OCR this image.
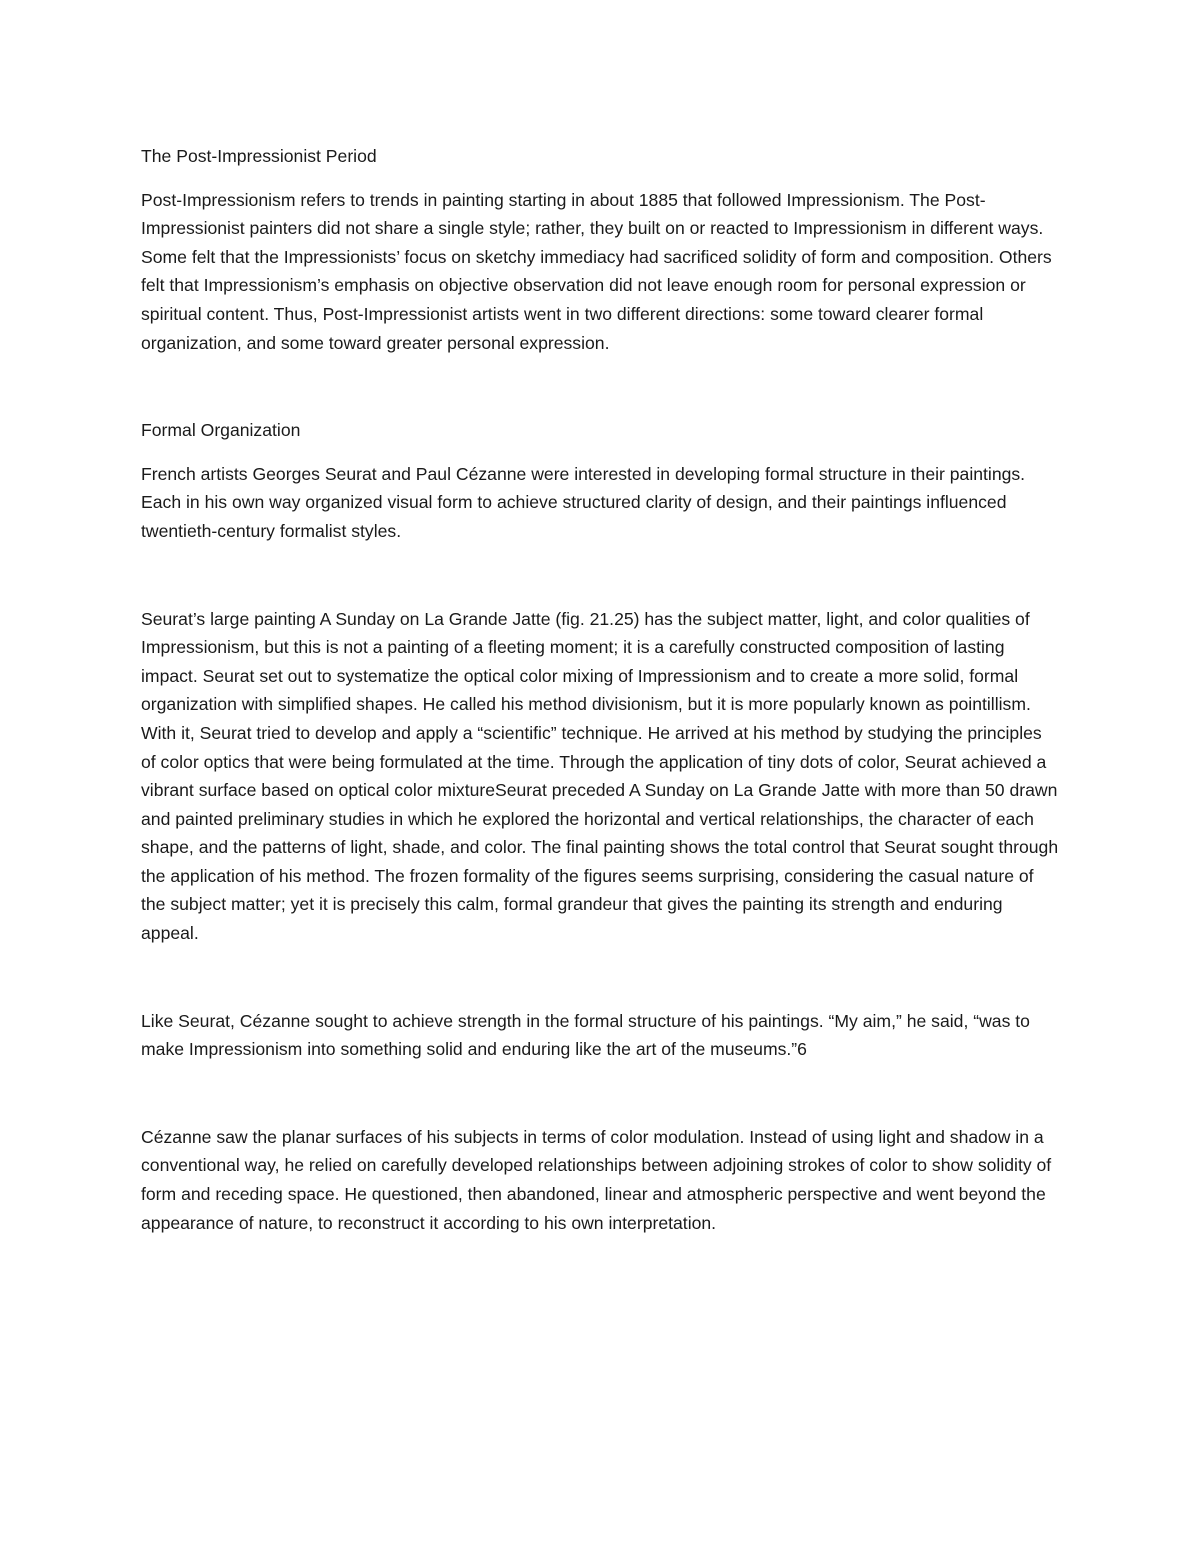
The Post-Impressionist Period

Post-Impressionism refers to trends in painting starting in about 1885 that followed Impressionism. The Post-Impressionist painters did not share a single style; rather, they built on or reacted to Impressionism in different ways. Some felt that the Impressionists’ focus on sketchy immediacy had sacrificed solidity of form and composition. Others felt that Impressionism’s emphasis on objective observation did not leave enough room for personal expression or spiritual content. Thus, Post-Impressionist artists went in two different directions: some toward clearer formal organization, and some toward greater personal expression.

Formal Organization

French artists Georges Seurat and Paul Cézanne were interested in developing formal structure in their paintings. Each in his own way organized visual form to achieve structured clarity of design, and their paintings influenced twentieth-century formalist styles.

Seurat’s large painting A Sunday on La Grande Jatte (fig. 21.25) has the subject matter, light, and color qualities of Impressionism, but this is not a painting of a fleeting moment; it is a carefully constructed composition of lasting impact. Seurat set out to systematize the optical color mixing of Impressionism and to create a more solid, formal organization with simplified shapes. He called his method divisionism, but it is more popularly known as pointillism. With it, Seurat tried to develop and apply a “scientific” technique. He arrived at his method by studying the principles of color optics that were being formulated at the time. Through the application of tiny dots of color, Seurat achieved a vibrant surface based on optical color mixtureSeurat preceded A Sunday on La Grande Jatte with more than 50 drawn and painted preliminary studies in which he explored the horizontal and vertical relationships, the character of each shape, and the patterns of light, shade, and color. The final painting shows the total control that Seurat sought through the application of his method. The frozen formality of the figures seems surprising, considering the casual nature of the subject matter; yet it is precisely this calm, formal grandeur that gives the painting its strength and enduring appeal.

Like Seurat, Cézanne sought to achieve strength in the formal structure of his paintings. “My aim,” he said, “was to make Impressionism into something solid and enduring like the art of the museums.”6

Cézanne saw the planar surfaces of his subjects in terms of color modulation. Instead of using light and shadow in a conventional way, he relied on carefully developed relationships between adjoining strokes of color to show solidity of form and receding space. He questioned, then abandoned, linear and atmospheric perspective and went beyond the appearance of nature, to reconstruct it according to his own interpretation.
